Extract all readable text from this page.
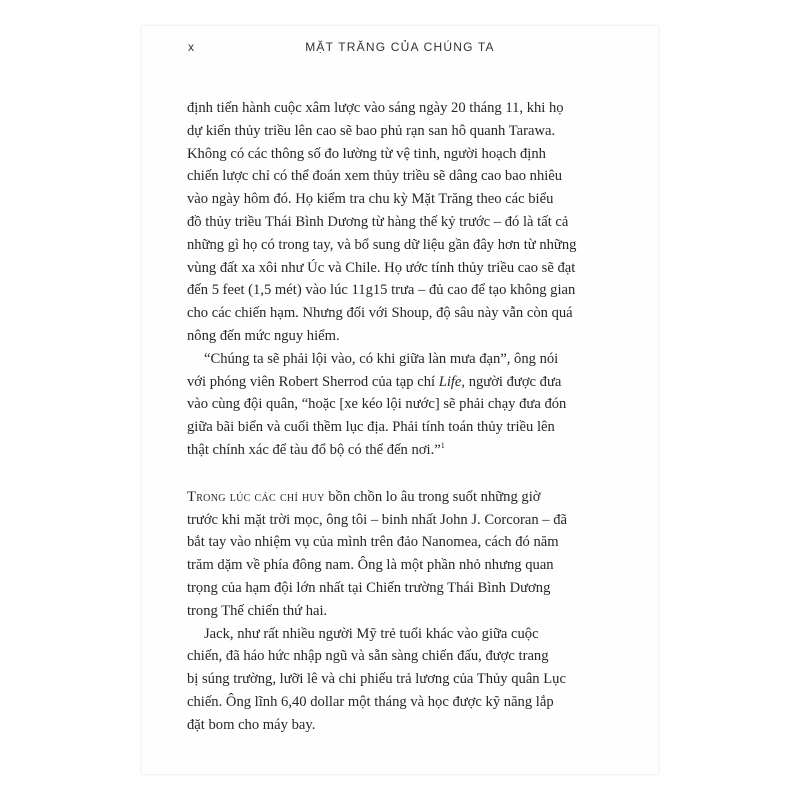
x	MẶT TRĂNG CỦA CHÚNG TA
định tiến hành cuộc xâm lược vào sáng ngày 20 tháng 11, khi họ
dự kiến thủy triều lên cao sẽ bao phủ rạn san hô quanh Tarawa.
Không có các thông số đo lường từ vệ tinh, người hoạch định
chiến lược chỉ có thể đoán xem thủy triều sẽ dâng cao bao nhiêu
vào ngày hôm đó. Họ kiểm tra chu kỳ Mặt Trăng theo các biểu
đồ thủy triều Thái Bình Dương từ hàng thế kỷ trước – đó là tất cả
những gì họ có trong tay, và bổ sung dữ liệu gần đây hơn từ những
vùng đất xa xôi như Úc và Chile. Họ ước tính thủy triều cao sẽ đạt
đến 5 feet (1,5 mét) vào lúc 11g15 trưa – đủ cao để tạo không gian
cho các chiến hạm. Nhưng đối với Shoup, độ sâu này vẫn còn quá
nông đến mức nguy hiểm.
“Chúng ta sẽ phải lội vào, có khi giữa làn mưa đạn”, ông nói
với phóng viên Robert Sherrod của tạp chí Life, người được đưa
vào cùng đội quân, “hoặc [xe kéo lội nước] sẽ phải chạy đưa đón
giữa bãi biển và cuối thềm lục địa. Phải tính toán thủy triều lên
thật chính xác để tàu đổ bộ có thể đến nơi.”$^1$
Trong lúc các chỉ huy bồn chồn lo âu trong suốt những giờ
trước khi mặt trời mọc, ông tôi – binh nhất John J. Corcoran – đã
bắt tay vào nhiệm vụ của mình trên đảo Nanomea, cách đó năm
trăm dặm về phía đông nam. Ông là một phần nhỏ nhưng quan
trọng của hạm đội lớn nhất tại Chiến trường Thái Bình Dương
trong Thế chiến thứ hai.
Jack, như rất nhiều người Mỹ trẻ tuổi khác vào giữa cuộc
chiến, đã háo hức nhập ngũ và sẵn sàng chiến đấu, được trang
bị súng trường, lưỡi lê và chi phiếu trả lương của Thủy quân Lục
chiến. Ông lĩnh 6,40 dollar một tháng và học được kỹ năng lắp
đặt bom cho máy bay.
